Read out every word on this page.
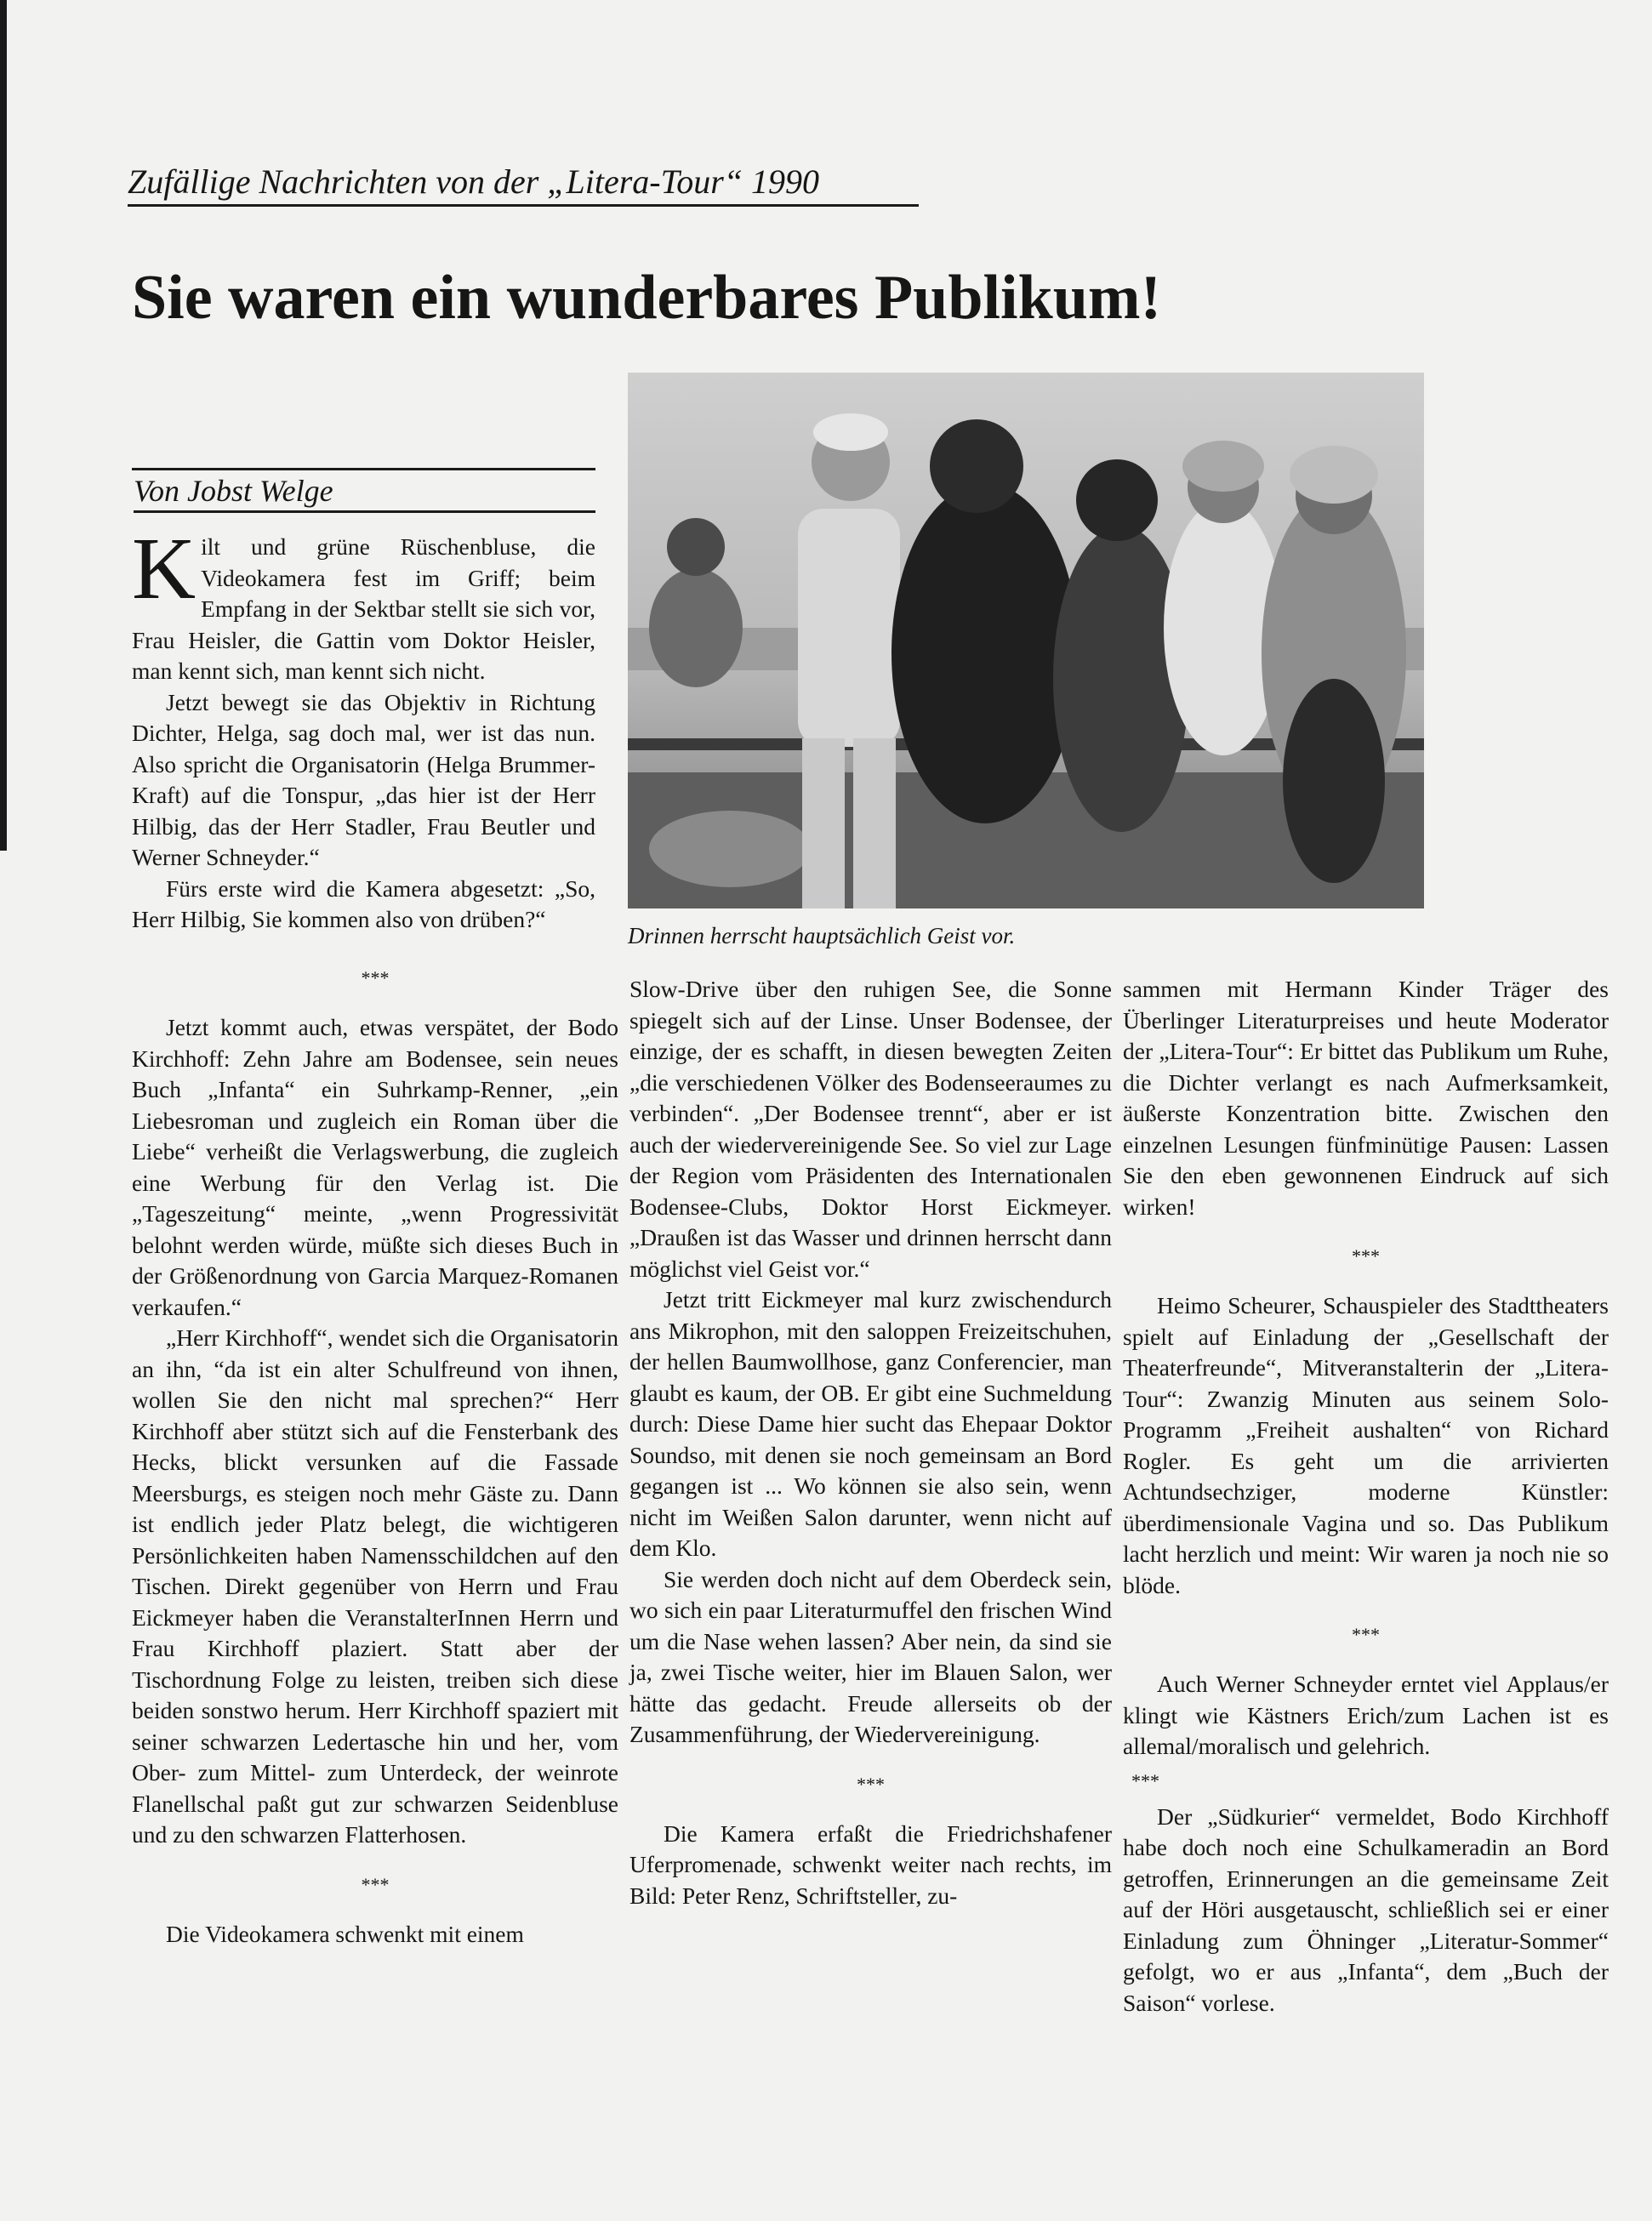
Zufällige Nachrichten von der „Litera-Tour“ 1990
Sie waren ein wunderbares Publikum!
Von Jobst Welge

Kilt und grüne Rüschenbluse, die Videokamera fest im Griff; beim Empfang in der Sektbar stellt sie sich vor, Frau Heisler, die Gattin vom Doktor Heisler, man kennt sich, man kennt sich nicht.

Jetzt bewegt sie das Objektiv in Richtung Dichter, Helga, sag doch mal, wer ist das nun. Also spricht die Organisatorin (Helga Brummer-Kraft) auf die Tonspur, „das hier ist der Herr Hilbig, das der Herr Stadler, Frau Beutler und Werner Schneyder.“

Fürs erste wird die Kamera abgesetzt: „So, Herr Hilbig, Sie kommen also von drüben?“

Drinnen herrscht hauptsächlich Geist vor.
***

Jetzt kommt auch, etwas verspätet, der Bodo Kirchhoff: Zehn Jahre am Bodensee, sein neues Buch „Infanta“ ein Suhrkamp-Renner, „ein Liebesroman und zugleich ein Roman über die Liebe“ verheißt die Verlagswerbung, die zugleich eine Werbung für den Verlag ist. Die „Tageszeitung“ meinte, „wenn Progressivität belohnt werden würde, müßte sich dieses Buch in der Größenordnung von Garcia Marquez-Romanen verkaufen.“

„Herr Kirchhoff“, wendet sich die Organisatorin an ihn, “da ist ein alter Schulfreund von ihnen, wollen Sie den nicht mal sprechen?“ Herr Kirchhoff aber stützt sich auf die Fensterbank des Hecks, blickt versunken auf die Fassade Meersburgs, es steigen noch mehr Gäste zu. Dann ist endlich jeder Platz belegt, die wichtigeren Persönlichkeiten haben Namensschildchen auf den Tischen. Direkt gegenüber von Herrn und Frau Eickmeyer haben die VeranstalterInnen Herrn und Frau Kirchhoff plaziert. Statt aber der Tischordnung Folge zu leisten, treiben sich diese beiden sonstwo herum. Herr Kirchhoff spaziert mit seiner schwarzen Ledertasche hin und her, vom Ober- zum Mittel- zum Unterdeck, der weinrote Flanellschal paßt gut zur schwarzen Seidenbluse und zu den schwarzen Flatterhosen.

***

Die Videokamera schwenkt mit einem

Slow-Drive über den ruhigen See, die Sonne spiegelt sich auf der Linse. Unser Bodensee, der einzige, der es schafft, in diesen bewegten Zeiten „die verschiedenen Völker des Bodenseeraumes zu verbinden“. „Der Bodensee trennt“, aber er ist auch der wiedervereinigende See. So viel zur Lage der Region vom Präsidenten des Internationalen Bodensee-Clubs, Doktor Horst Eickmeyer. „Draußen ist das Wasser und drinnen herrscht dann möglichst viel Geist vor.“

Jetzt tritt Eickmeyer mal kurz zwischendurch ans Mikrophon, mit den saloppen Freizeitschuhen, der hellen Baumwollhose, ganz Conferencier, man glaubt es kaum, der OB. Er gibt eine Suchmeldung durch: Diese Dame hier sucht das Ehepaar Doktor Soundso, mit denen sie noch gemeinsam an Bord gegangen ist ... Wo können sie also sein, wenn nicht im Weißen Salon darunter, wenn nicht auf dem Klo.

Sie werden doch nicht auf dem Oberdeck sein, wo sich ein paar Literaturmuffel den frischen Wind um die Nase wehen lassen? Aber nein, da sind sie ja, zwei Tische weiter, hier im Blauen Salon, wer hätte das gedacht. Freude allerseits ob der Zusammenführung, der Wiedervereinigung.

***

Die Kamera erfaßt die Friedrichshafener Uferpromenade, schwenkt weiter nach rechts, im Bild: Peter Renz, Schriftsteller, zu-

sammen mit Hermann Kinder Träger des Überlinger Literaturpreises und heute Moderator der „Litera-Tour“: Er bittet das Publikum um Ruhe, die Dichter verlangt es nach Aufmerksamkeit, äußerste Konzentration bitte. Zwischen den einzelnen Lesungen fünfminütige Pausen: Lassen Sie den eben gewonnenen Eindruck auf sich wirken!

***

Heimo Scheurer, Schauspieler des Stadttheaters spielt auf Einladung der „Gesellschaft der Theaterfreunde“, Mitveranstalterin der „Litera-Tour“: Zwanzig Minuten aus seinem Solo-Programm „Freiheit aushalten“ von Richard Rogler. Es geht um die arrivierten Achtundsechziger, moderne Künstler: überdimensionale Vagina und so. Das Publikum lacht herzlich und meint: Wir waren ja noch nie so blöde.

***

Auch Werner Schneyder erntet viel Applaus/er klingt wie Kästners Erich/zum Lachen ist es allemal/moralisch und gelehrich.

***

Der „Südkurier“ vermeldet, Bodo Kirchhoff habe doch noch eine Schulkameradin an Bord getroffen, Erinnerungen an die gemeinsame Zeit auf der Höri ausgetauscht, schließlich sei er einer Einladung zum Öhninger „Literatur-Sommer“ gefolgt, wo er aus „Infanta“, dem „Buch der Saison“ vorlese.
